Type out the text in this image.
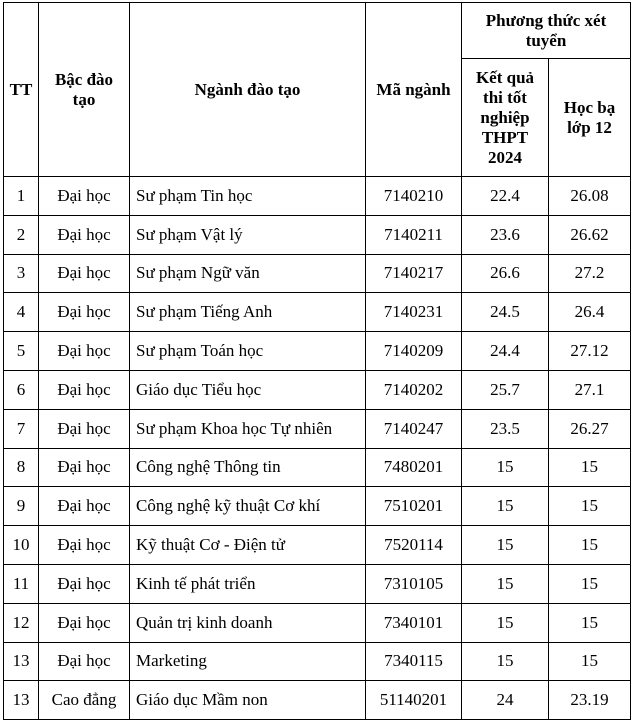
TT	Bậc đào tạo	Ngành đào tạo	Mã ngành	Phương thức xét tuyển	
				Kết quả thi tốt nghiệp THPT 2024	Học bạ lớp 12
1	Đại học	Sư phạm Tin học	7140210	22.4	26.08
2	Đại học	Sư phạm Vật lý	7140211	23.6	26.62
3	Đại học	Sư phạm Ngữ văn	7140217	26.6	27.2
4	Đại học	Sư phạm Tiếng Anh	7140231	24.5	26.4
5	Đại học	Sư phạm Toán học	7140209	24.4	27.12
6	Đại học	Giáo dục Tiểu học	7140202	25.7	27.1
7	Đại học	Sư phạm Khoa học Tự nhiên	7140247	23.5	26.27
8	Đại học	Công nghệ Thông tin	7480201	15	15
9	Đại học	Công nghệ kỹ thuật Cơ khí	7510201	15	15
10	Đại học	Kỹ thuật Cơ - Điện tử	7520114	15	15
11	Đại học	Kinh tế phát triển	7310105	15	15
12	Đại học	Quản trị kinh doanh	7340101	15	15
13	Đại học	Marketing	7340115	15	15
13	Cao đẳng	Giáo dục Mầm non	51140201	24	23.19
